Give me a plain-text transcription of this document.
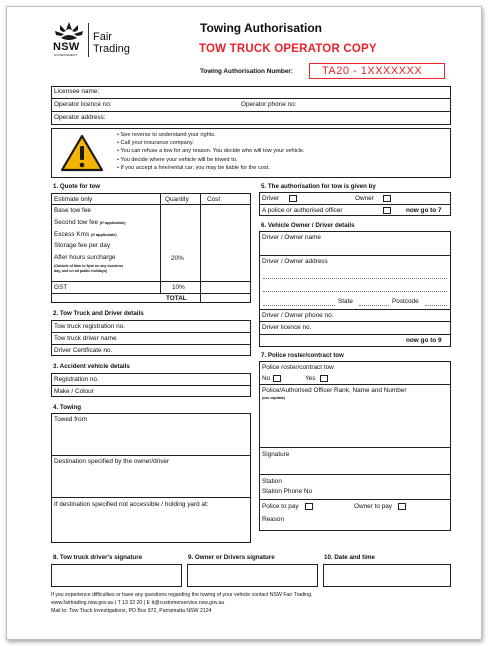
NSW
GOVERNMENT
Fair
Trading
Towing Authorisation
TOW TRUCK OPERATOR COPY
Towing Authorisation Number:	TA20 - 1XXXXXXX
Licensee name:
Operator licence no:	Operator phone no:
Operator address:
• See reverse to understand your rights.
• Call your insurance company.
• You can refuse a tow for any reason. You decide who will tow your vehicle.
• You decide where your vehicle will be towed to.
• If you accept a hire/rental car, you may be liable for the cost.
1. Quote for tow
Estimate only	Quantity	Cost
Base tow fee
Second tow fee (if applicable)
Excess Kms (if applicable)
Storage fee per day
After hours surcharge	20%
(Outside of 8am to 5pm on any business
day, and on all public holidays)
GST	10%
TOTAL
2. Tow Truck and Driver details
Tow truck registration no.
Tow truck driver name
Driver Certificate no.
3. Accident vehicle details
Registration no.
Make / Colour
4. Towing
Towed from
Destination specified by the owner/driver
If destination specified not accessible / holding yard at:
5. The authorisation for tow is given by
Driver	Owner
A police or authorised officer	now go to 7
6. Vehicle Owner / Driver details
Driver / Owner name
Driver / Owner address
State	Postcode
Driver / Owner phone no.
Driver licence no.
now go to 9
7. Police roster/contract tow
Police roster/contract tow
No	Yes
Police/Authorised Officer Rank, Name and Number
(use capitals)
Signature
Station
Station Phone No
Police to pay	Owner to pay
Reason
8. Tow truck driver's signature	9. Owner or Drivers signature	10. Date and time
If you experience difficulties or have any questions regarding the towing of your vehicle contact NSW Fair Trading.
www.fairtrading.nsw.gov.au | T 13 32 20 | E tt@customerservice.nsw.gov.au
Mail to: Tow Truck Investigations, PO Box 972, Parramatta NSW 2124
